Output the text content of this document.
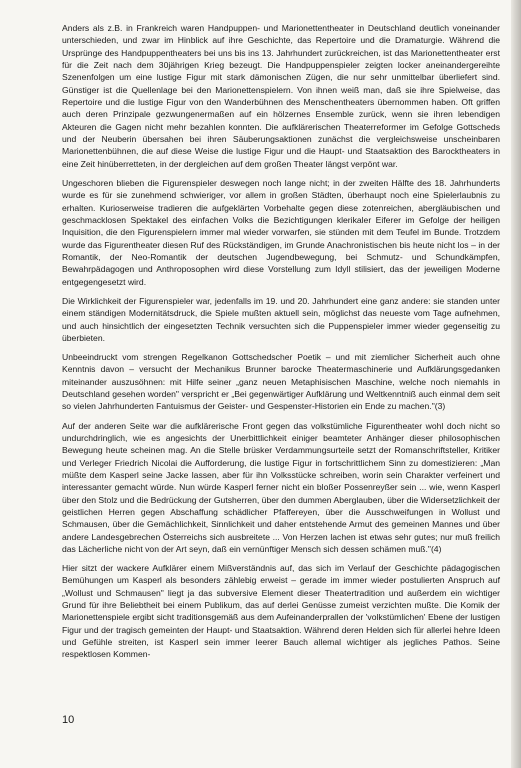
Anders als z.B. in Frankreich waren Handpuppen- und Marionettentheater in Deutschland deutlich voneinander unterschieden, und zwar im Hinblick auf ihre Geschichte, das Repertoire und die Dramaturgie. Während die Ursprünge des Handpuppentheaters bei uns bis ins 13. Jahrhundert zurückreichen, ist das Marionettentheater erst für die Zeit nach dem 30jährigen Krieg bezeugt. Die Handpuppenspieler zeigten locker aneinandergereihte Szenenfolgen um eine lustige Figur mit stark dämonischen Zügen, die nur sehr unmittelbar überliefert sind. Günstiger ist die Quellenlage bei den Marionettenspielern. Von ihnen weiß man, daß sie ihre Spielweise, das Repertoire und die lustige Figur von den Wanderbühnen des Menschentheaters übernommen haben. Oft griffen auch deren Prinzipale gezwungenermaßen auf ein hölzernes Ensemble zurück, wenn sie ihren lebendigen Akteuren die Gagen nicht mehr bezahlen konnten. Die aufklärerischen Theaterreformer im Gefolge Gottscheds und der Neuberin übersahen bei ihren Säuberungsaktionen zunächst die vergleichsweise unscheinbaren Marionettenbühnen, die auf diese Weise die lustige Figur und die Haupt- und Staatsaktion des Barocktheaters in eine Zeit hinüberretteten, in der dergleichen auf dem großen Theater längst verpönt war.

Ungeschoren blieben die Figurenspieler deswegen noch lange nicht; in der zweiten Hälfte des 18. Jahrhunderts wurde es für sie zunehmend schwieriger, vor allem in großen Städten, überhaupt noch eine Spielerlaubnis zu erhalten. Kurioserweise tradieren die aufgeklärten Vorbehalte gegen diese zotenreichen, abergläubischen und geschmacklosen Spektakel des einfachen Volks die Bezichtigungen klerikaler Eiferer im Gefolge der heiligen Inquisition, die den Figurenspielern immer mal wieder vorwarfen, sie stünden mit dem Teufel im Bunde. Trotzdem wurde das Figurentheater diesen Ruf des Rückständigen, im Grunde Anachronistischen bis heute nicht los – in der Romantik, der Neo-Romantik der deutschen Jugendbewegung, bei Schmutz- und Schundkämpfen, Bewahrpädagogen und Anthroposophen wird diese Vorstellung zum Idyll stilisiert, das der jeweiligen Moderne entgegengesetzt wird.

Die Wirklichkeit der Figurenspieler war, jedenfalls im 19. und 20. Jahrhundert eine ganz andere: sie standen unter einem ständigen Modernitätsdruck, die Spiele mußten aktuell sein, möglichst das neueste vom Tage aufnehmen, und auch hinsichtlich der eingesetzten Technik versuchten sich die Puppenspieler immer wieder gegenseitig zu überbieten.

Unbeeindruckt vom strengen Regelkanon Gottschedscher Poetik – und mit ziemlicher Sicherheit auch ohne Kenntnis davon – versucht der Mechanikus Brunner barocke Theatermaschinerie und Aufklärungsgedanken miteinander auszusöhnen: mit Hilfe seiner „ganz neuen Metaphisischen Maschine, welche noch niemahls in Deutschland gesehen worden" verspricht er „Bei gegenwärtiger Aufklärung und Weltkenntniß auch einmal dem seit so vielen Jahrhunderten Fantuismus der Geister- und Gespenster-Historien ein Ende zu machen."(3)

Auf der anderen Seite war die aufklärerische Front gegen das volkstümliche Figurentheater wohl doch nicht so undurchdringlich, wie es angesichts der Unerbittlichkeit einiger beamteter Anhänger dieser philosophischen Bewegung heute scheinen mag. An die Stelle brüsker Verdammungsurteile setzt der Romanschriftsteller, Kritiker und Verleger Friedrich Nicolai die Aufforderung, die lustige Figur in fortschrittlichem Sinn zu domestizieren: „Man müßte dem Kasperl seine Jacke lassen, aber für ihn Volksstücke schreiben, worin sein Charakter verfeinert und interessanter gemacht würde. Nun würde Kasperl ferner nicht ein bloßer Possenreyßer sein ... wie, wenn Kasperl über den Stolz und die Bedrückung der Gutsherren, über den dummen Aberglauben, über die Widersetzlichkeit der geistlichen Herren gegen Abschaffung schädlicher Pfaffereyen, über die Ausschweifungen in Wollust und Schmausen, über die Gemächlichkeit, Sinnlichkeit und daher entstehende Armut des gemeinen Mannes und über andere Landesgebrechen Österreichs sich ausbreitete ... Von Herzen lachen ist etwas sehr gutes; nur muß freilich das Lächerliche nicht von der Art seyn, daß ein vernünftiger Mensch sich dessen schämen muß."(4)

Hier sitzt der wackere Aufklärer einem Mißverständnis auf, das sich im Verlauf der Geschichte pädagogischen Bemühungen um Kasperl als besonders zählebig erweist – gerade im immer wieder postulierten Anspruch auf „Wollust und Schmausen" liegt ja das subversive Element dieser Theatertradition und außerdem ein wichtiger Grund für ihre Beliebtheit bei einem Publikum, das auf derlei Genüsse zumeist verzichten mußte. Die Komik der Marionettenspiele ergibt sicht traditionsgemäß aus dem Aufeinanderprallen der 'volkstümlichen' Ebene der lustigen Figur und der tragisch gemeinten der Haupt- und Staatsaktion. Während deren Helden sich für allerlei hehre Ideen und Gefühle streiten, ist Kasperl sein immer leerer Bauch allemal wichtiger als jegliches Pathos. Seine respektlosen Kommen-

10
